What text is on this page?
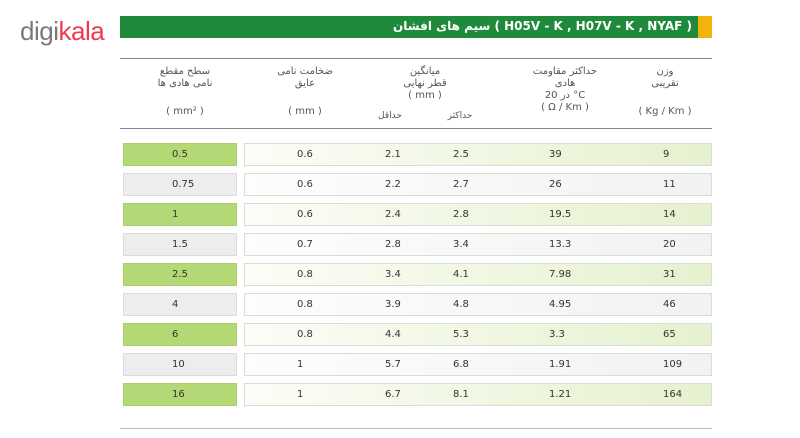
digikala	سیم های افشان ( H05V - K , H07V - K , NYAF )
سطح مقطع
نامی هادی ها
( mm² )
ضخامت نامی
عایق
( mm )
میانگین
قطر نهایی
( mm )
حداقل	حداکثر
حداکثر مقاومت
هادی
در 20 °C
( Ω / Km )
وزن
تقریبی
( Kg / Km )
0.5	0.6	2.1	2.5	39	9
0.75	0.6	2.2	2.7	26	11
1	0.6	2.4	2.8	19.5	14
1.5	0.7	2.8	3.4	13.3	20
2.5	0.8	3.4	4.1	7.98	31
4	0.8	3.9	4.8	4.95	46
6	0.8	4.4	5.3	3.3	65
10	1	5.7	6.8	1.91	109
16	1	6.7	8.1	1.21	164
